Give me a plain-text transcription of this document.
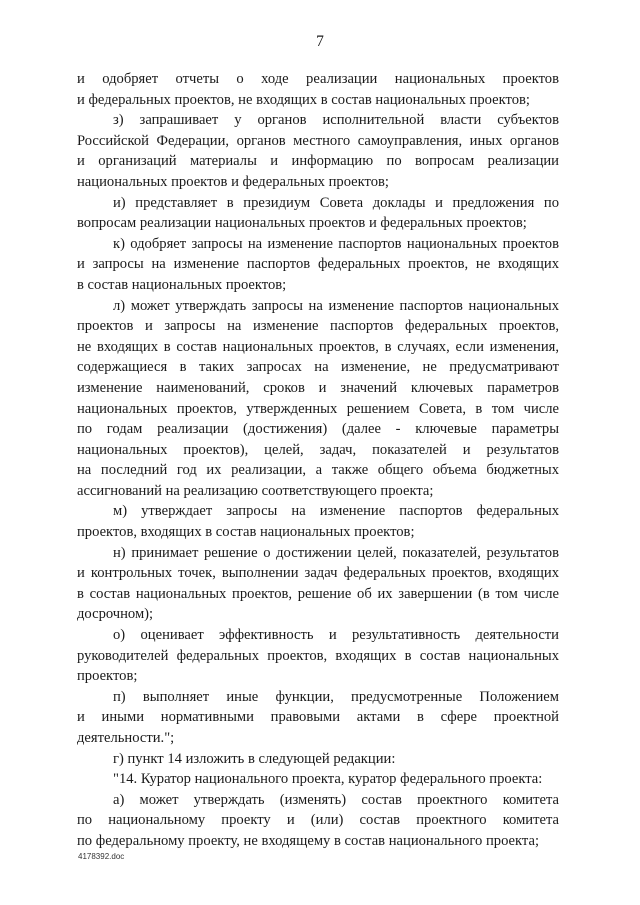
7

и одобряет отчеты о ходе реализации национальных проектов
и федеральных проектов, не входящих в состав национальных проектов;

з) запрашивает у органов исполнительной власти субъектов
Российской Федерации, органов местного самоуправления, иных органов
и организаций материалы и информацию по вопросам реализации
национальных проектов и федеральных проектов;

и) представляет в президиум Совета доклады и предложения по
вопросам реализации национальных проектов и федеральных проектов;

к) одобряет запросы на изменение паспортов национальных проектов
и запросы на изменение паспортов федеральных проектов, не входящих
в состав национальных проектов;

л) может утверждать запросы на изменение паспортов национальных
проектов и запросы на изменение паспортов федеральных проектов,
не входящих в состав национальных проектов, в случаях, если изменения,
содержащиеся в таких запросах на изменение, не предусматривают
изменение наименований, сроков и значений ключевых параметров
национальных проектов, утвержденных решением Совета, в том числе
по годам реализации (достижения) (далее - ключевые параметры
национальных проектов), целей, задач, показателей и результатов
на последний год их реализации, а также общего объема бюджетных
ассигнований на реализацию соответствующего проекта;

м) утверждает запросы на изменение паспортов федеральных
проектов, входящих в состав национальных проектов;

н) принимает решение о достижении целей, показателей, результатов
и контрольных точек, выполнении задач федеральных проектов, входящих
в состав национальных проектов, решение об их завершении (в том числе
досрочном);

о) оценивает эффективность и результативность деятельности
руководителей федеральных проектов, входящих в состав национальных
проектов;

п) выполняет иные функции, предусмотренные Положением
и иными нормативными правовыми актами в сфере проектной
деятельности.";

г) пункт 14 изложить в следующей редакции:

"14. Куратор национального проекта, куратор федерального проекта:

а) может утверждать (изменять) состав проектного комитета
по национальному проекту и (или) состав проектного комитета
по федеральному проекту, не входящему в состав национального проекта;

4178392.doc
